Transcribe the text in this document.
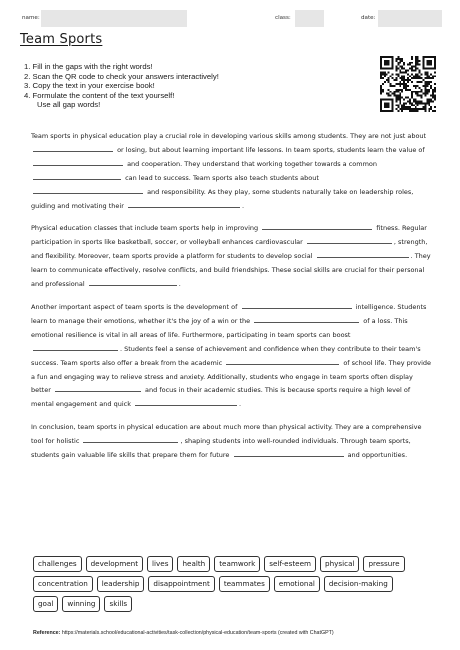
name:	class:	date:
Team Sports
1. Fill in the gaps with the right words!
2. Scan the QR code to check your answers interactively!
3. Copy the text in your exercise book!
4. Formulate the content of the text yourself!
Use all gap words!

Team sports in physical education play a crucial role in developing various skills among students. They are not just about  or losing, but about learning important life lessons. In team sports, students learn the value of  and cooperation. They understand that working together towards a common  can lead to success. Team sports also teach students about  and responsibility. As they play, some students naturally take on leadership roles, guiding and motivating their	.

Physical education classes that include team sports help in improving	fitness. Regular participation in sports like basketball, soccer, or volleyball enhances cardiovascular	, strength, and flexibility. Moreover, team sports provide a platform for students to develop social	. They learn to communicate effectively, resolve conflicts, and build friendships. These social skills are crucial for their personal and professional	.

Another important aspect of team sports is the development of	intelligence. Students learn to manage their emotions, whether it's the joy of a win or the	of a loss. This emotional resilience is vital in all areas of life. Furthermore, participating in team sports can boost . Students feel a sense of achievement and confidence when they contribute to their team's success. Team sports also offer a break from the academic	of school life. They provide a fun and engaging way to relieve stress and anxiety. Additionally, students who engage in team sports often display better	and focus in their academic studies. This is because sports require a high level of mental engagement and quick	.

In conclusion, team sports in physical education are about much more than physical activity. They are a comprehensive tool for holistic	, shaping students into well-rounded individuals. Through team sports, students gain valuable life skills that prepare them for future	and opportunities.

challenges	development	lives	health	teamwork	self-esteem	physical	pressure
concentration	leadership	disappointment	teammates	emotional	decision-making
goal	winning	skills
Reference: https://materials.school/educational-activities/task-collection/physical-education/team-sports (created with ChatGPT)
